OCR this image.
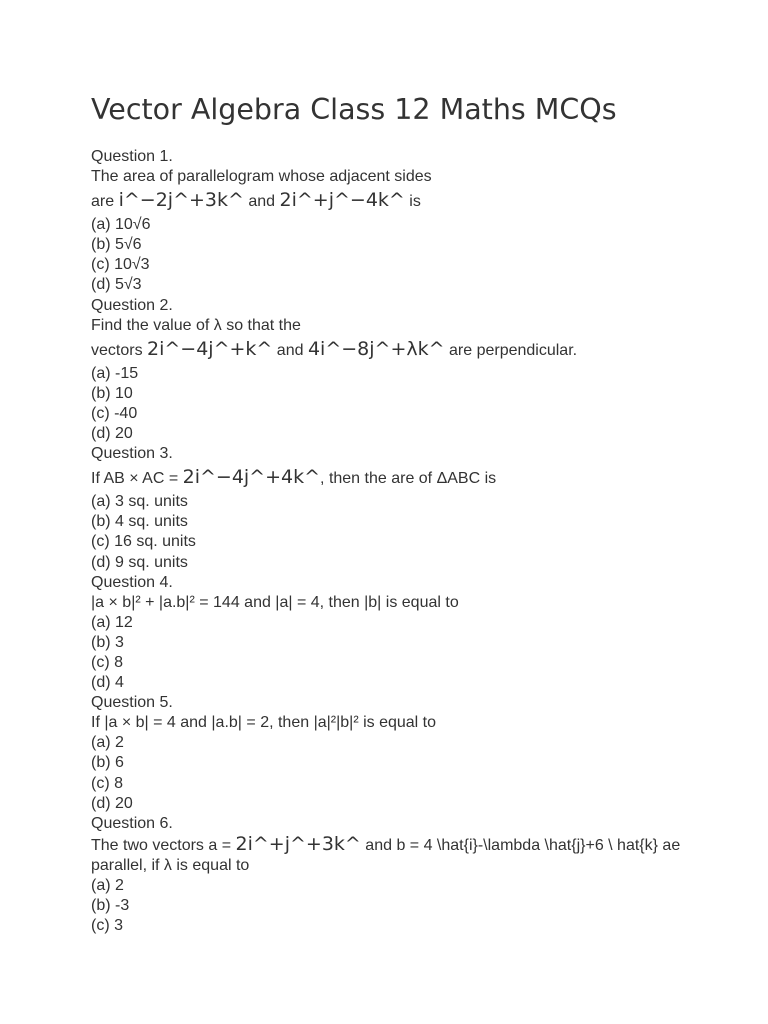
Vector Algebra Class 12 Maths MCQs
Question 1.
The area of parallelogram whose adjacent sides
are i^−2j^+3k^ and 2i^+j^−4k^ is
(a) 10√6
(b) 5√6
(c) 10√3
(d) 5√3
Question 2.
Find the value of λ so that the
vectors 2i^−4j^+k^ and 4i^−8j^+λk^ are perpendicular.
(a) -15
(b) 10
(c) -40
(d) 20
Question 3.
If AB × AC = 2i^−4j^+4k^, then the are of ΔABC is
(a) 3 sq. units
(b) 4 sq. units
(c) 16 sq. units
(d) 9 sq. units
Question 4.
|a × b|² + |a.b|² = 144 and |a| = 4, then |b| is equal to
(a) 12
(b) 3
(c) 8
(d) 4
Question 5.
If |a × b| = 4 and |a.b| = 2, then |a|²|b|² is equal to
(a) 2
(b) 6
(c) 8
(d) 20
Question 6.
The two vectors a = 2i^+j^+3k^ and b = 4 \hat{i}-\lambda \hat{j}+6 \ hat{k} ae parallel, if λ is equal to
(a) 2
(b) -3
(c) 3
